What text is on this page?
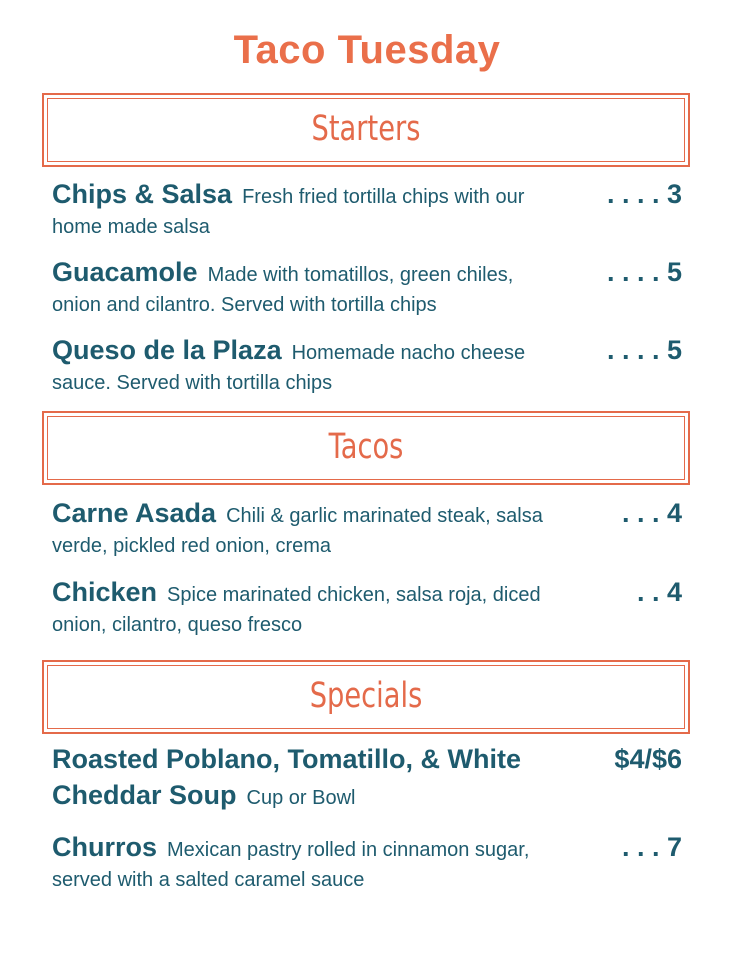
Taco Tuesday
Starters
Chips & Salsa Fresh fried tortilla chips with our	. . . . 3
home made salsa
Guacamole Made with tomatillos, green chiles,	. . . . 5
onion and cilantro. Served with tortilla chips
Queso de la Plaza Homemade nacho cheese	. . . . 5
sauce. Served with tortilla chips
Tacos
Carne Asada Chili & garlic marinated steak, salsa	. . . 4
verde, pickled red onion, crema
Chicken Spice marinated chicken, salsa roja, diced	. . 4
onion, cilantro, queso fresco
Specials
Roasted Poblano, Tomatillo, & White	$4/$6
Cheddar Soup Cup or Bowl
Churros Mexican pastry rolled in cinnamon sugar,	. . . 7
served with a salted caramel sauce
